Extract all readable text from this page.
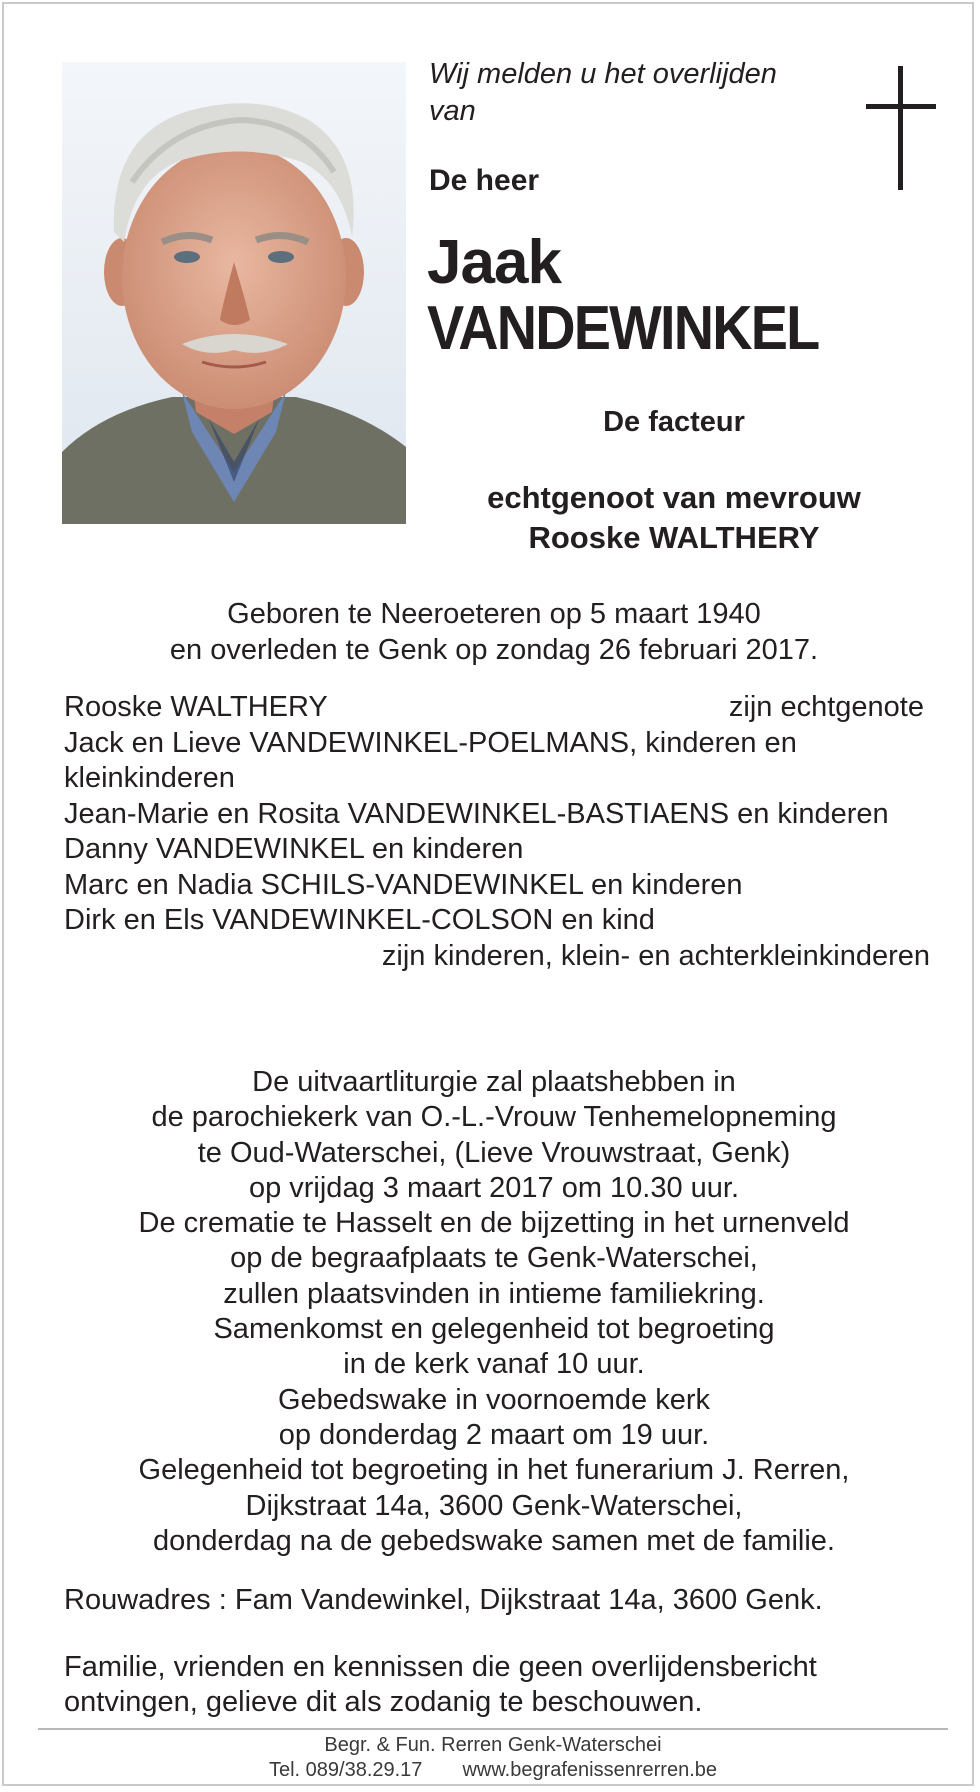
Wij melden u het overlijden van
De heer
Jaak
VANDEWINKEL
De facteur
echtgenoot van mevrouw
Rooske WALTHERY
Geboren te Neeroeteren op 5 maart 1940
en overleden te Genk op zondag 26 februari 2017.
Rooske WALTHERY	zijn echtgenote
Jack en Lieve VANDEWINKEL-POELMANS, kinderen en kleinkinderen
Jean-Marie en Rosita VANDEWINKEL-BASTIAENS en kinderen
Danny VANDEWINKEL en kinderen
Marc en Nadia SCHILS-VANDEWINKEL en kinderen
Dirk en Els VANDEWINKEL-COLSON en kind
zijn kinderen, klein- en achterkleinkinderen
De uitvaartliturgie zal plaatshebben in
de parochiekerk van O.-L.-Vrouw Tenhemelopneming
te Oud-Waterschei, (Lieve Vrouwstraat, Genk)
op vrijdag 3 maart 2017 om 10.30 uur.
De crematie te Hasselt en de bijzetting in het urnenveld
op de begraafplaats te Genk-Waterschei,
zullen plaatsvinden in intieme familiekring.
Samenkomst en gelegenheid tot begroeting
in de kerk vanaf 10 uur.
Gebedswake in voornoemde kerk
op donderdag 2 maart om 19 uur.
Gelegenheid tot begroeting in het funerarium J. Rerren,
Dijkstraat 14a, 3600 Genk-Waterschei,
donderdag na de gebedswake samen met de familie.
Rouwadres : Fam Vandewinkel, Dijkstraat 14a, 3600 Genk.
Familie, vrienden en kennissen die geen overlijdensbericht ontvingen, gelieve dit als zodanig te beschouwen.
Begr. & Fun. Rerren Genk-Waterschei
Tel. 089/38.29.17 www.begrafenissenrerren.be
